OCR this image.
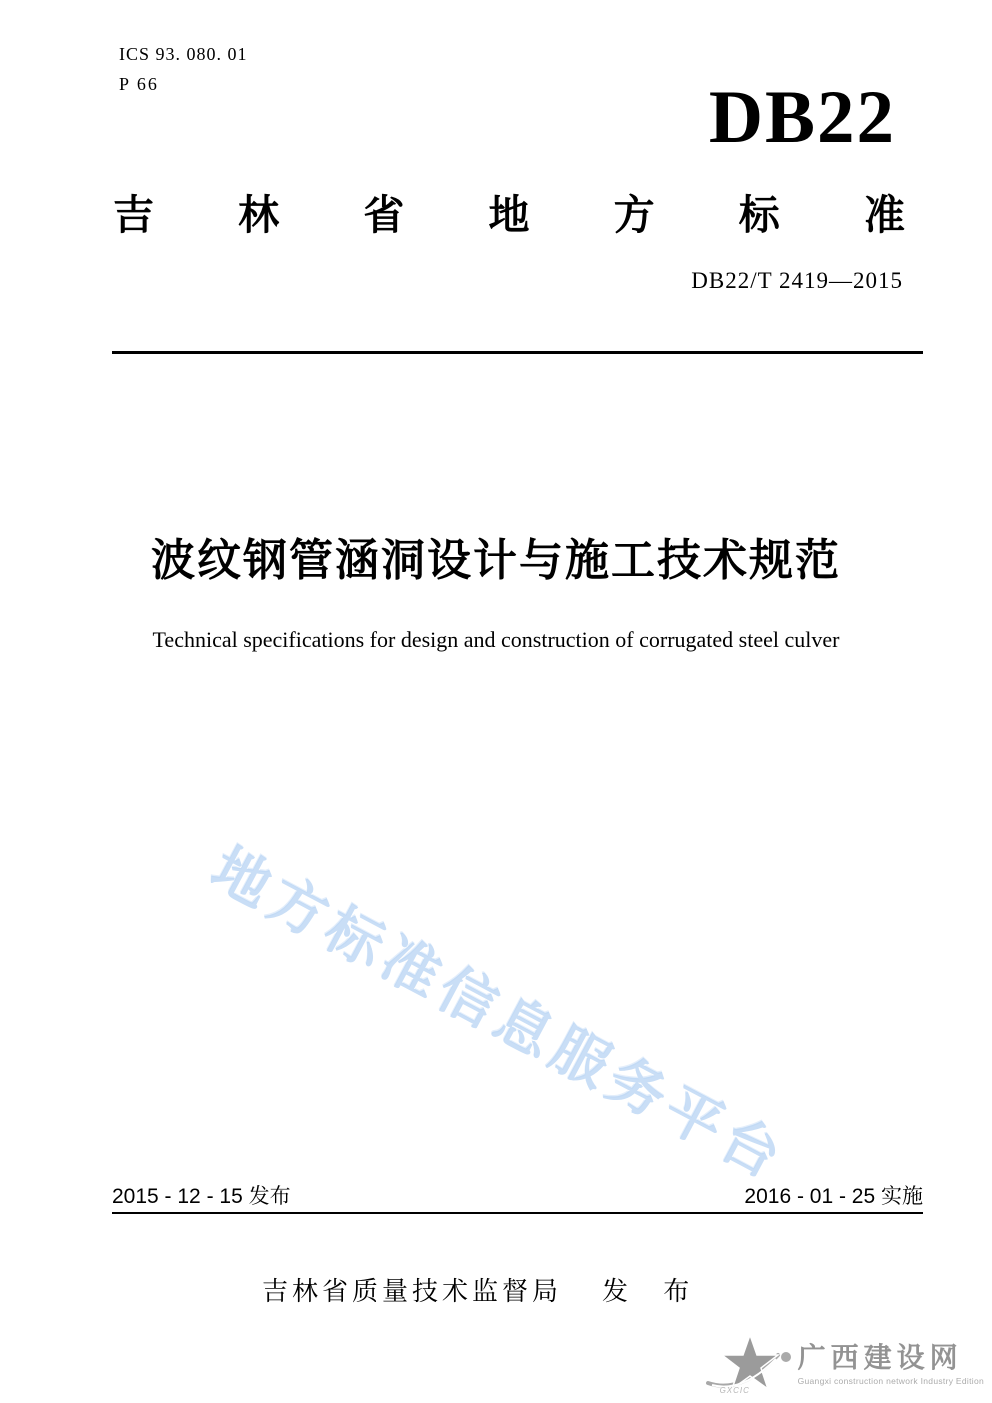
ICS 93. 080. 01
P 66	DB22
吉 林 省 地 方 标 准
DB22/T 2419—2015
波纹钢管涵洞设计与施工技术规范
Technical specifications for design and construction of corrugated steel culver
地方标准信息服务平台
2015 - 12 - 15 发布	2016 - 01 - 25 实施
吉林省质量技术监督局 发 布
GXCIC
广西建设网
Guangxi construction network Industry Edition
